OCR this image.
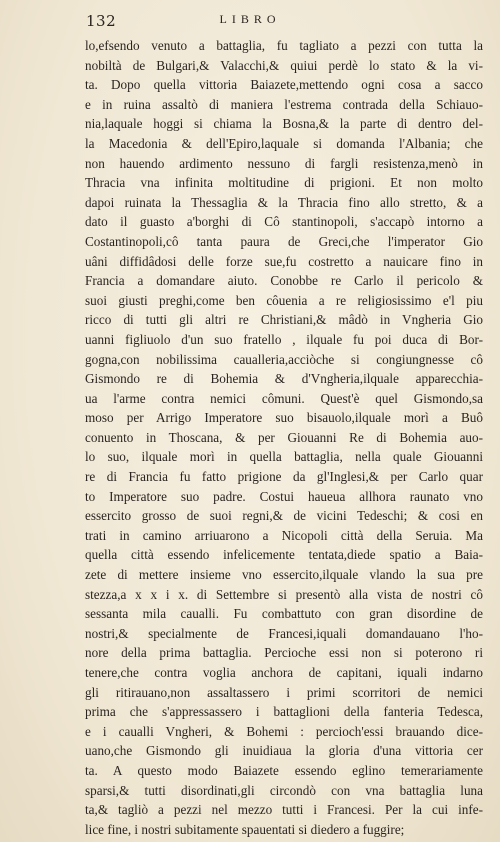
132	LIBRO
lo,efsendo venuto a battaglia, fu tagliato a pezzi con tutta la
nobiltà de Bulgari,& Valacchi,& quiui perdè lo stato & la vi-
ta. Dopo quella vittoria Baiazete,mettendo ogni cosa a sacco
e in ruina assaltò di maniera l'estrema contrada della Schiauo-
nia,laquale hoggi si chiama la Bosna,& la parte di dentro del-
la Macedonia & dell'Epiro,laquale si domanda l'Albania; che
non hauendo ardimento nessuno di fargli resistenza,menò in
Thracia vna infinita moltitudine di prigioni. Et non molto
dapoi ruinata la Thessaglia & la Thracia fino allo stretto, & a
dato il guasto a'borghi di Cô stantinopoli, s'accapò intorno a
Costantinopoli,cô tanta paura de Greci,che l'imperator Gio
uâni diffidâdosi delle forze sue,fu costretto a nauicare fino in
Francia a domandare aiuto. Conobbe re Carlo il pericolo &
suoi giusti preghi,come ben côuenia a re religiosissimo e'l piu
ricco di tutti gli altri re Christiani,& mâdò in Vngheria Gio
uanni figliuolo d'un suo fratello , ilquale fu poi duca di Bor-
gogna,con nobilissima caualleria,acciòche si congiungnesse cô
Gismondo re di Bohemia & d'Vngheria,ilquale apparecchia-
ua l'arme contra nemici cômuni. Quest'è quel Gismondo,sa
moso per Arrigo Imperatore suo bisauolo,ilquale morì a Buô
conuento in Thoscana, & per Giouanni Re di Bohemia auo-
lo suo, ilquale morì in quella battaglia, nella quale Giouanni
re di Francia fu fatto prigione da gl'Inglesi,& per Carlo quar
to Imperatore suo padre. Costui haueua allhora raunato vno
essercito grosso de suoi regni,& de vicini Tedeschi; & cosi en
trati in camino arriuarono a Nicopoli città della Seruia. Ma
quella città essendo infelicemente tentata,diede spatio a Baia-
zete di mettere insieme vno essercito,ilquale vlando la sua pre
stezza,a x x i x. di Settembre si presentò alla vista de nostri cô
sessanta mila caualli. Fu combattuto con gran disordine de
nostri,& specialmente de Francesi,iquali domandauano l'ho-
nore della prima battaglia. Percioche essi non si poterono ri
tenere,che contra voglia anchora de capitani, iquali indarno
gli ritirauano,non assaltassero i primi scorritori de nemici
prima che s'appressassero i battaglioni della fanteria Tedesca,
e i caualli Vngheri, & Bohemi : percioch'essi brauando dice-
uano,che Gismondo gli inuidiaua la gloria d'una vittoria cer
ta. A questo modo Baiazete essendo eglino temerariamente
sparsi,& tutti disordinati,gli circondò con vna battaglia luna
ta,& tagliò a pezzi nel mezzo tutti i Francesi. Per la cui infe-
lice fine, i nostri subitamente spauentati si diedero a fuggire;
